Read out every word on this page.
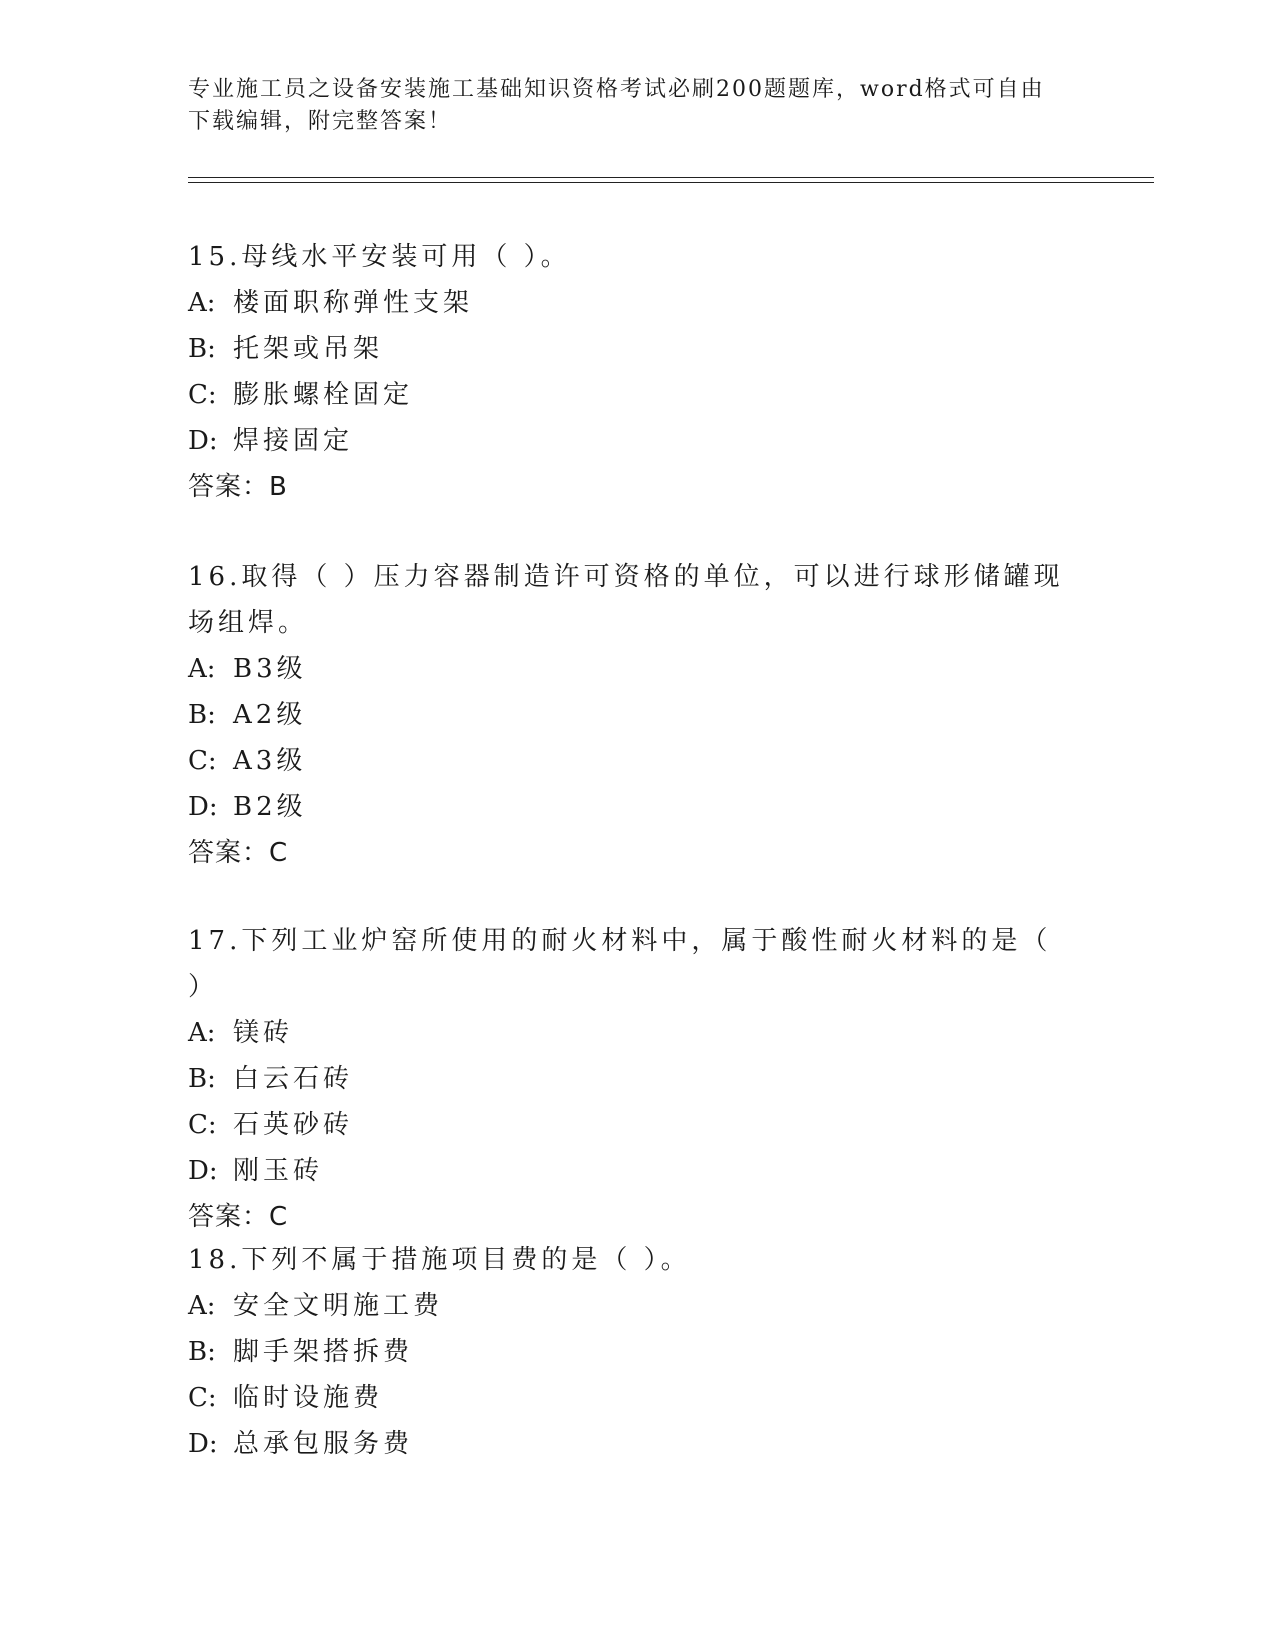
专业施工员之设备安装施工基础知识资格考试必刷200题题库，word格式可自由下载编辑，附完整答案！

15.母线水平安装可用（ ）。

A: 楼面职称弹性支架

B: 托架或吊架

C: 膨胀螺栓固定

D: 焊接固定

答案：B

16.取得（ ）压力容器制造许可资格的单位，可以进行球形储罐现场组焊。

A: B3级

B: A2级

C: A3级

D: B2级

答案：C

17.下列工业炉窑所使用的耐火材料中，属于酸性耐火材料的是（ ）

A: 镁砖

B: 白云石砖

C: 石英砂砖

D: 刚玉砖

答案：C

18.下列不属于措施项目费的是（ ）。

A: 安全文明施工费

B: 脚手架搭拆费

C: 临时设施费

D: 总承包服务费
